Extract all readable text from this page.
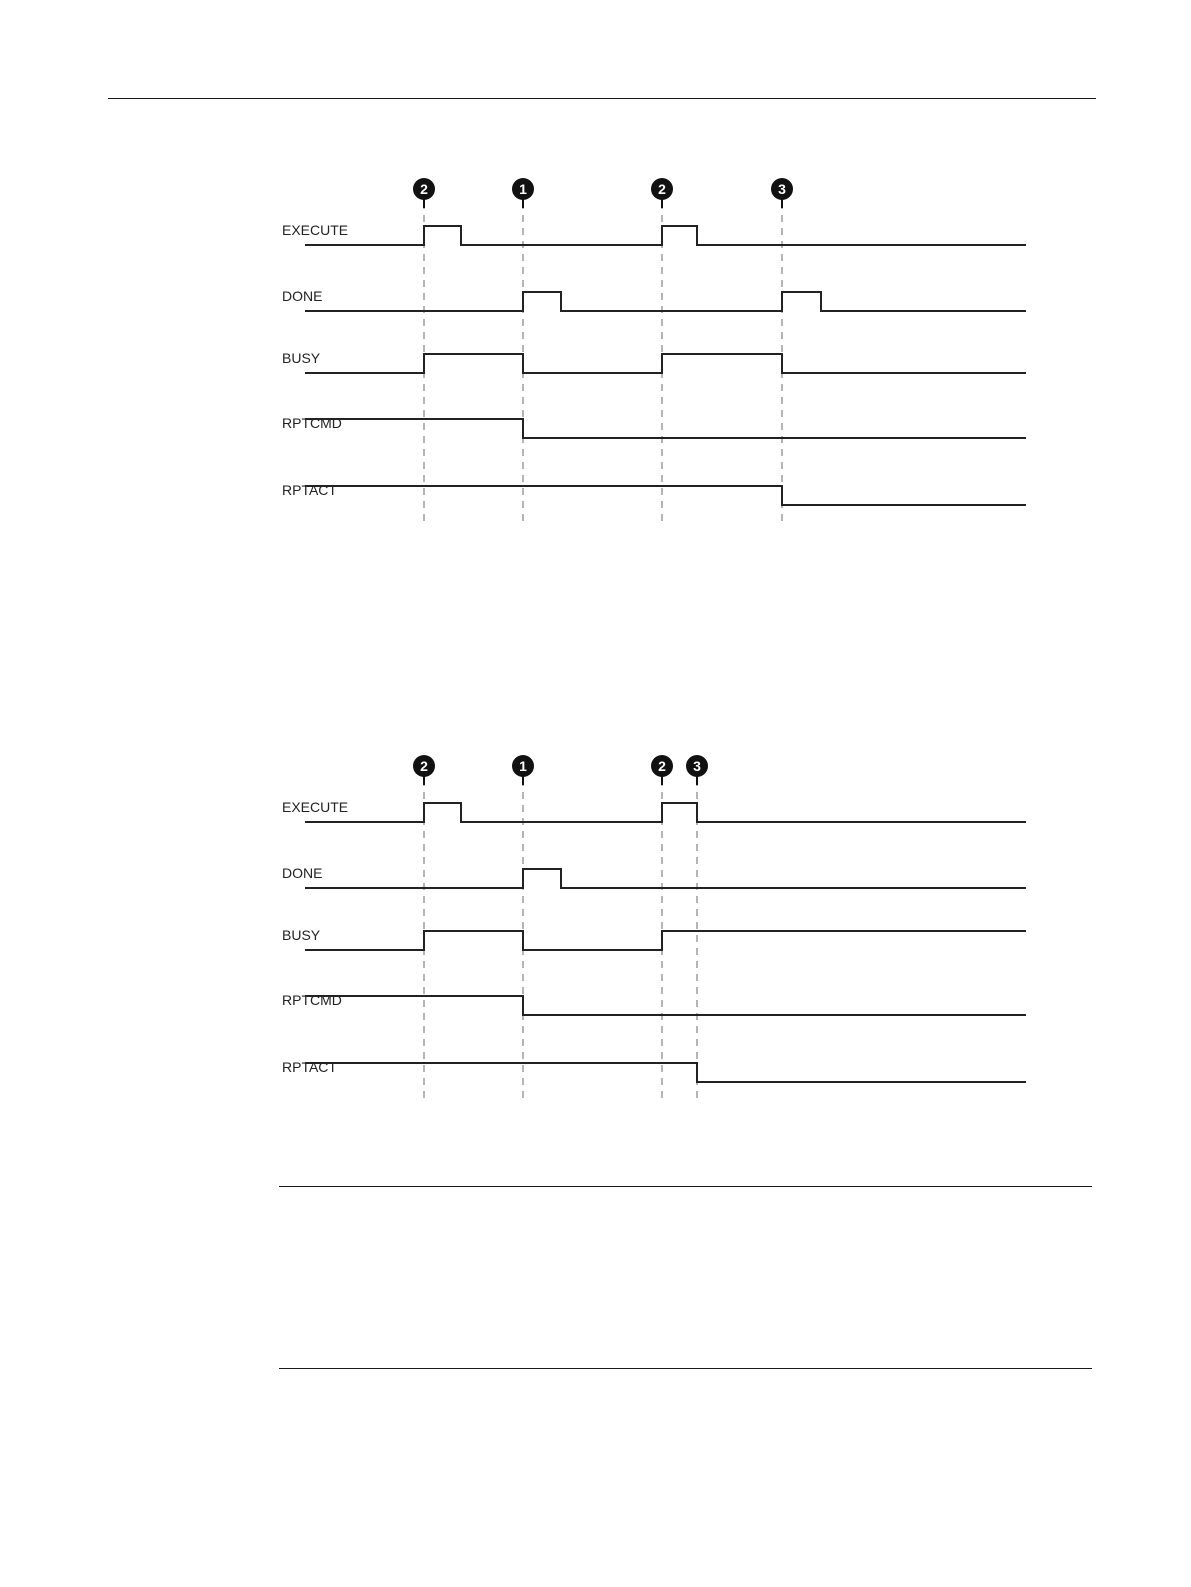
EXECUTE
DONE
BUSY
RPTCMD
RPTACT
2	1	2	3
EXECUTE
DONE
BUSY
RPTCMD
RPTACT
2	1	2 3
